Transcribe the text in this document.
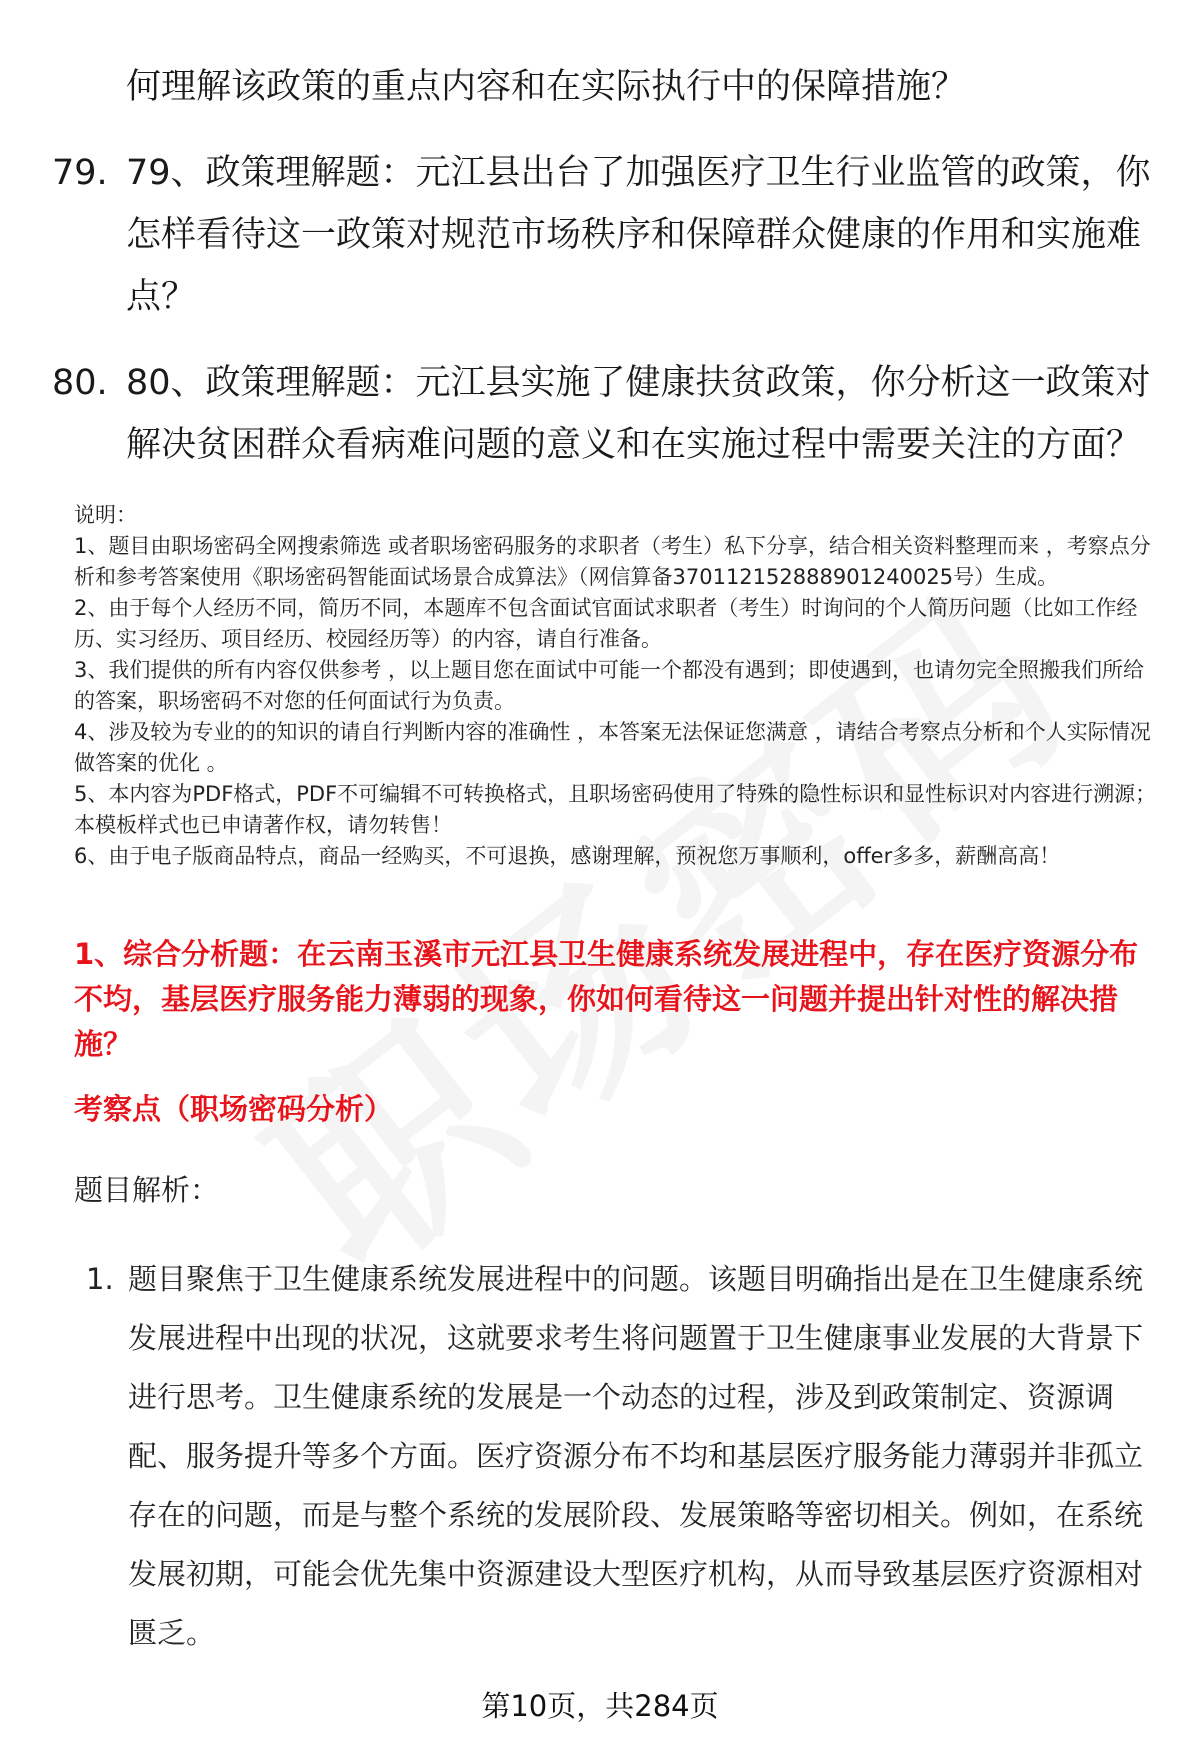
何理解该政策的重点内容和在实际执行中的保障措施？
79. 79、政策理解题：元江县出台了加强医疗卫生行业监管的政策，你怎样看待这一政策对规范市场秩序和保障群众健康的作用和实施难点？
80. 80、政策理解题：元江县实施了健康扶贫政策，你分析这一政策对解决贫困群众看病难问题的意义和在实施过程中需要关注的方面？

说明：

1、题目由职场密码全网搜索筛选 或者职场密码服务的求职者（考生）私下分享，结合相关资料整理而来 ，考察点分析和参考答案使用《职场密码智能面试场景合成算法》（网信算备370112152888901240025号）生成。

2、由于每个人经历不同，简历不同，本题库不包含面试官面试求职者（考生）时询问的个人简历问题（比如工作经历、实习经历、项目经历、校园经历等）的内容，请自行准备。

3、我们提供的所有内容仅供参考 ，以上题目您在面试中可能一个都没有遇到；即使遇到，也请勿完全照搬我们所给的答案，职场密码不对您的任何面试行为负责。

4、涉及较为专业的的知识的请自行判断内容的准确性 ，本答案无法保证您满意 ，请结合考察点分析和个人实际情况做答案的优化 。

5、本内容为PDF格式，PDF不可编辑不可转换格式，且职场密码使用了特殊的隐性标识和显性标识对内容进行溯源；本模板样式也已申请著作权，请勿转售！

6、由于电子版商品特点，商品一经购买，不可退换，感谢理解，预祝您万事顺利，offer多多，薪酬高高！

1、综合分析题：在云南玉溪市元江县卫生健康系统发展进程中，存在医疗资源分布不均，基层医疗服务能力薄弱的现象，你如何看待这一问题并提出针对性的解决措施？
考察点（职场密码分析）
题目解析：
1. 题目聚焦于卫生健康系统发展进程中的问题。该题目明确指出是在卫生健康系统发展进程中出现的状况，这就要求考生将问题置于卫生健康事业发展的大背景下进行思考。卫生健康系统的发展是一个动态的过程，涉及到政策制定、资源调配、服务提升等多个方面。医疗资源分布不均和基层医疗服务能力薄弱并非孤立存在的问题，而是与整个系统的发展阶段、发展策略等密切相关。例如，在系统发展初期，可能会优先集中资源建设大型医疗机构，从而导致基层医疗资源相对匮乏。
第10页，共284页
